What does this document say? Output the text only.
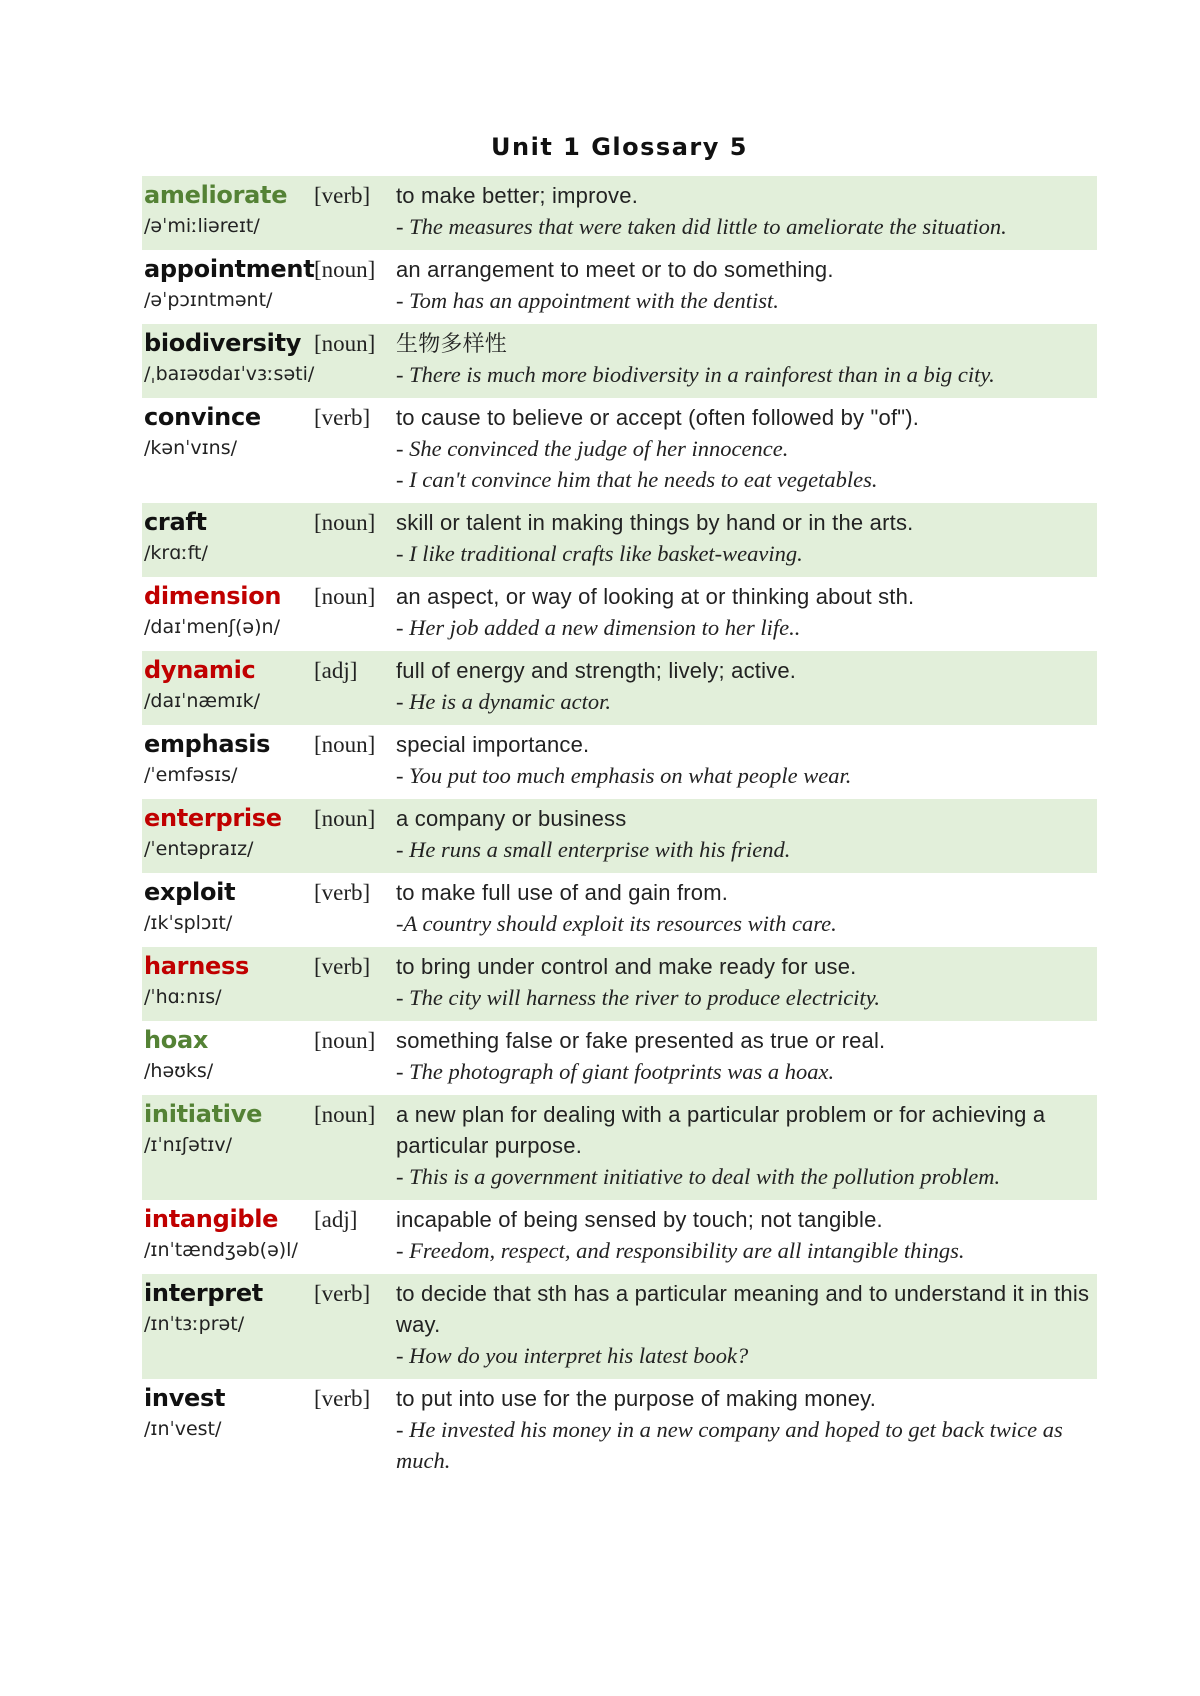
Unit 1 Glossary 5
ameliorate
/əˈmiːliəreɪt/
[verb]	to make better; improve.
- The measures that were taken did little to ameliorate the situation.
appointment
/əˈpɔɪntmənt/
[noun] an arrangement to meet or to do something.
- Tom has an appointment with the dentist.
biodiversity
/ˌbaɪəʊdaɪˈvɜːsəti/
[noun] 生物多样性
- There is much more biodiversity in a rainforest than in a big city.
convince
/kənˈvɪns/
[verb]	to cause to believe or accept (often followed by "of").
- She convinced the judge of her innocence.
- I can't convince him that he needs to eat vegetables.
craft
/krɑːft/
[noun] skill or talent in making things by hand or in the arts.
- I like traditional crafts like basket-weaving.
dimension
/daɪˈmenʃ(ə)n/
[noun] an aspect, or way of looking at or thinking about sth.
- Her job added a new dimension to her life..
dynamic
/daɪˈnæmɪk/
[adj]	full of energy and strength; lively; active.
- He is a dynamic actor.
emphasis
/ˈemfəsɪs/
[noun] special importance.
- You put too much emphasis on what people wear.
enterprise
/ˈentəpraɪz/
[noun] a company or business
- He runs a small enterprise with his friend.
exploit
/ɪkˈsplɔɪt/
[verb]	to make full use of and gain from.
-A country should exploit its resources with care.
harness
/ˈhɑːnɪs/
[verb]	to bring under control and make ready for use.
- The city will harness the river to produce electricity.
hoax
/həʊks/
[noun] something false or fake presented as true or real.
- The photograph of giant footprints was a hoax.
initiative
/ɪˈnɪʃətɪv/
[noun] a new plan for dealing with a particular problem or for achieving a particular purpose.
- This is a government initiative to deal with the pollution problem.
intangible
/ɪnˈtændʒəb(ə)l/
[adj]	incapable of being sensed by touch; not tangible.
- Freedom, respect, and responsibility are all intangible things.
interpret
/ɪnˈtɜːprət/
[verb]	to decide that sth has a particular meaning and to understand it in this way.
- How do you interpret his latest book?
invest
/ɪnˈvest/
[verb]	to put into use for the purpose of making money.
- He invested his money in a new company and hoped to get back twice as much.
